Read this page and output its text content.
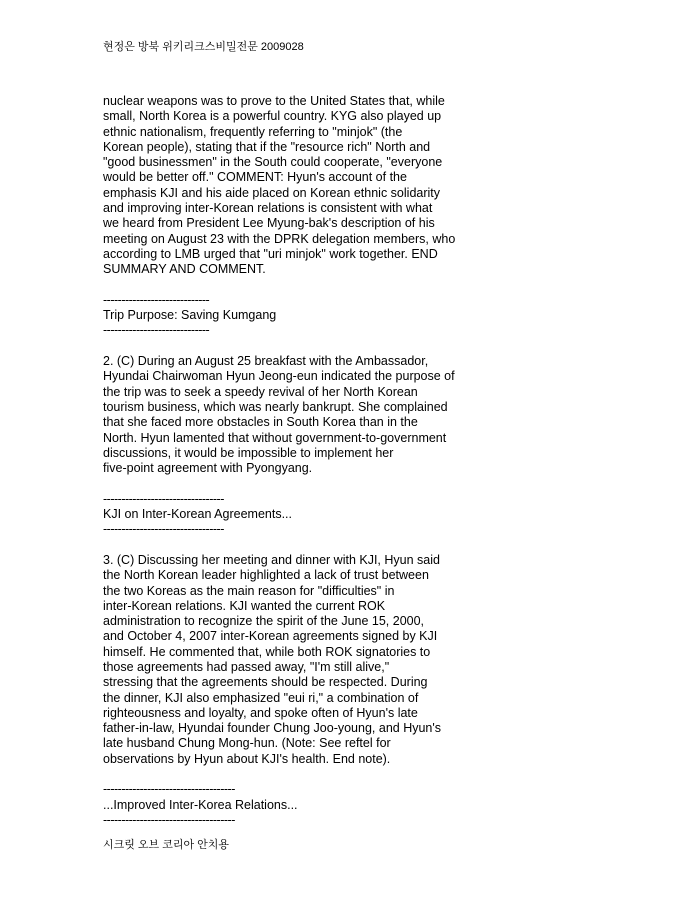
현정은 방북 위키리크스비밀전문 2009028
nuclear weapons was to prove to the United States that, while
small, North Korea is a powerful country. KYG also played up
ethnic nationalism, frequently referring to "minjok" (the
Korean people), stating that if the "resource rich" North and
"good businessmen" in the South could cooperate, "everyone
would be better off." COMMENT: Hyun's account of the
emphasis KJI and his aide placed on Korean ethnic solidarity
and improving inter-Korean relations is consistent with what
we heard from President Lee Myung-bak's description of his
meeting on August 23 with the DPRK delegation members, who
according to LMB urged that "uri minjok" work together. END
SUMMARY AND COMMENT.
-----------------------------
Trip Purpose: Saving Kumgang
-----------------------------
2. (C) During an August 25 breakfast with the Ambassador,
Hyundai Chairwoman Hyun Jeong-eun indicated the purpose of
the trip was to seek a speedy revival of her North Korean
tourism business, which was nearly bankrupt. She complained
that she faced more obstacles in South Korea than in the
North. Hyun lamented that without government-to-government
discussions, it would be impossible to implement her
five-point agreement with Pyongyang.
---------------------------------
KJI on Inter-Korean Agreements...
---------------------------------
3. (C) Discussing her meeting and dinner with KJI, Hyun said
the North Korean leader highlighted a lack of trust between
the two Koreas as the main reason for "difficulties" in
inter-Korean relations. KJI wanted the current ROK
administration to recognize the spirit of the June 15, 2000,
and October 4, 2007 inter-Korean agreements signed by KJI
himself. He commented that, while both ROK signatories to
those agreements had passed away, "I'm still alive,"
stressing that the agreements should be respected. During
the dinner, KJI also emphasized "eui ri," a combination of
righteousness and loyalty, and spoke often of Hyun's late
father-in-law, Hyundai founder Chung Joo-young, and Hyun's
late husband Chung Mong-hun. (Note: See reftel for
observations by Hyun about KJI's health. End note).
------------------------------------
...Improved Inter-Korea Relations...
------------------------------------
시크릿 오브 코리아 안치용
